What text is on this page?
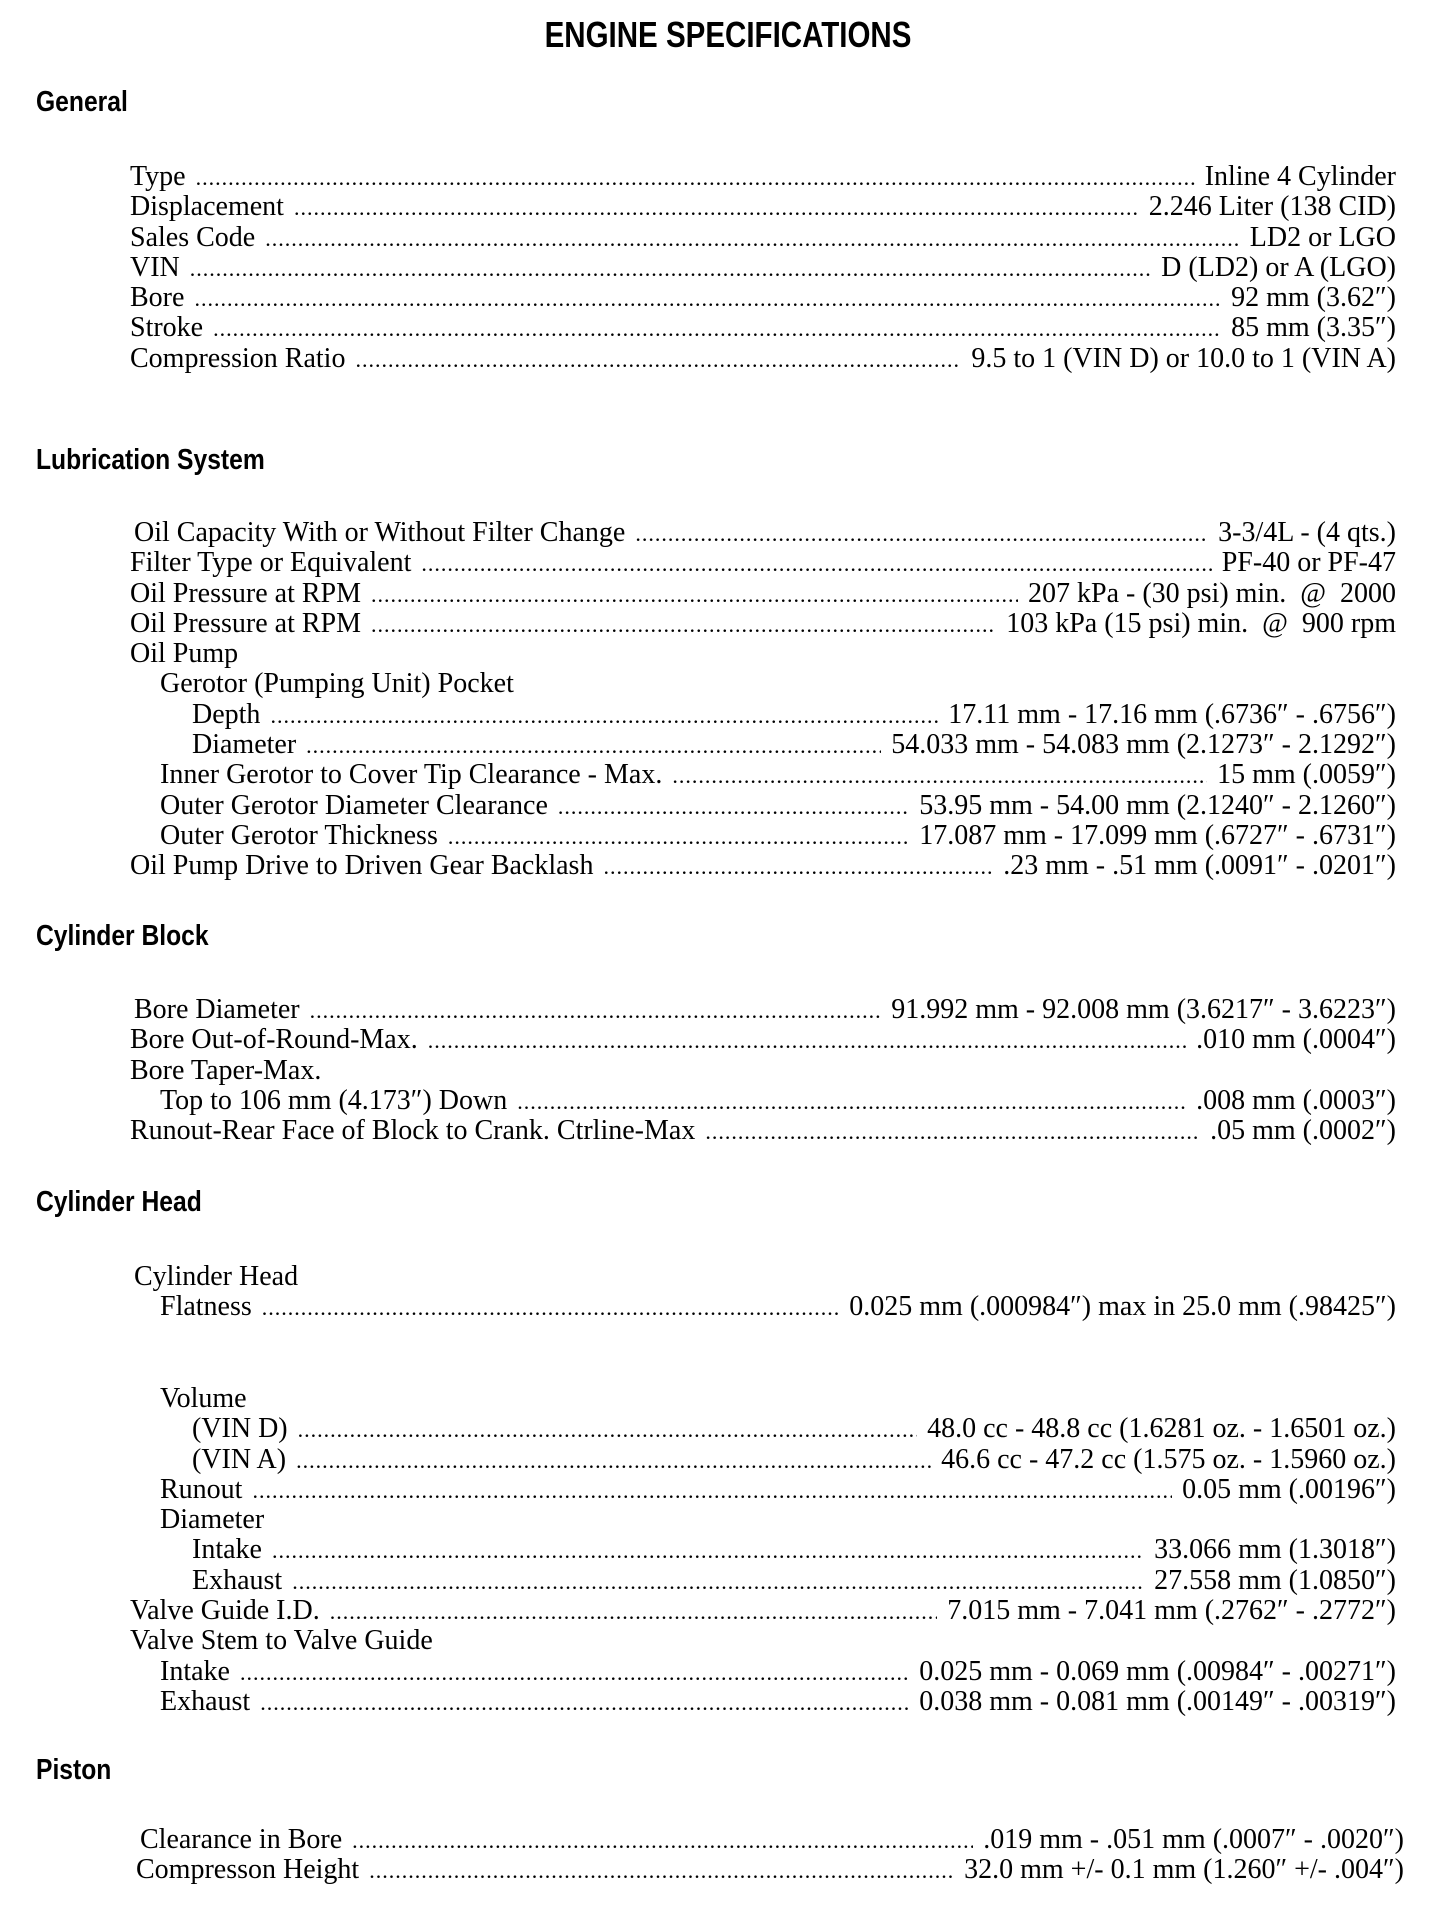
ENGINE SPECIFICATIONS
General
Type .....	Inline 4 Cylinder
Displacement .....	2.246 Liter (138 CID)
Sales Code .....	LD2 or LGO
VIN .....	D (LD2) or A (LGO)
Bore .....	92 mm (3.62″)
Stroke .....	85 mm (3.35″)
Compression Ratio .....	9.5 to 1 (VIN D) or 10.0 to 1 (VIN A)
Lubrication System
Oil Capacity With or Without Filter Change .....	3-3/4L - (4 qts.)
Filter Type or Equivalent .....	PF-40 or PF-47
Oil Pressure at RPM .....	207 kPa - (30 psi) min.  @  2000
Oil Pressure at RPM .....	103 kPa (15 psi) min.  @  900 rpm
Oil Pump
Gerotor (Pumping Unit) Pocket
Depth .....	17.11 mm - 17.16 mm (.6736″ - .6756″)
Diameter .....	54.033 mm - 54.083 mm (2.1273″ - 2.1292″)
Inner Gerotor to Cover Tip Clearance - Max. .....	15 mm (.0059″)
Outer Gerotor Diameter Clearance .....	53.95 mm - 54.00 mm (2.1240″ - 2.1260″)
Outer Gerotor Thickness .....	17.087 mm - 17.099 mm (.6727″ - .6731″)
Oil Pump Drive to Driven Gear Backlash .....	.23 mm - .51 mm (.0091″ - .0201″)
Cylinder Block
Bore Diameter .....	91.992 mm - 92.008 mm (3.6217″ - 3.6223″)
Bore Out-of-Round-Max. .....	.010 mm (.0004″)
Bore Taper-Max.
Top to 106 mm (4.173″) Down .....	.008 mm (.0003″)
Runout-Rear Face of Block to Crank. Ctrline-Max .....	.05 mm (.0002″)
Cylinder Head
Cylinder Head
Flatness .....	0.025 mm (.000984″) max in 25.0 mm (.98425″)
Volume
(VIN D) .....	48.0 cc - 48.8 cc (1.6281 oz. - 1.6501 oz.)
(VIN A) .....	46.6 cc - 47.2 cc (1.575 oz. - 1.5960 oz.)
Runout .....	0.05 mm (.00196″)
Diameter
Intake .....	33.066 mm (1.3018″)
Exhaust .....	27.558 mm (1.0850″)
Valve Guide I.D. .....	7.015 mm - 7.041 mm (.2762″ - .2772″)
Valve Stem to Valve Guide
Intake .....	0.025 mm - 0.069 mm (.00984″ - .00271″)
Exhaust .....	0.038 mm - 0.081 mm (.00149″ - .00319″)
Piston
Clearance in Bore .....	.019 mm - .051 mm (.0007″ - .0020″)
Compresson Height .....	32.0 mm +/- 0.1 mm (1.260″ +/- .004″)
